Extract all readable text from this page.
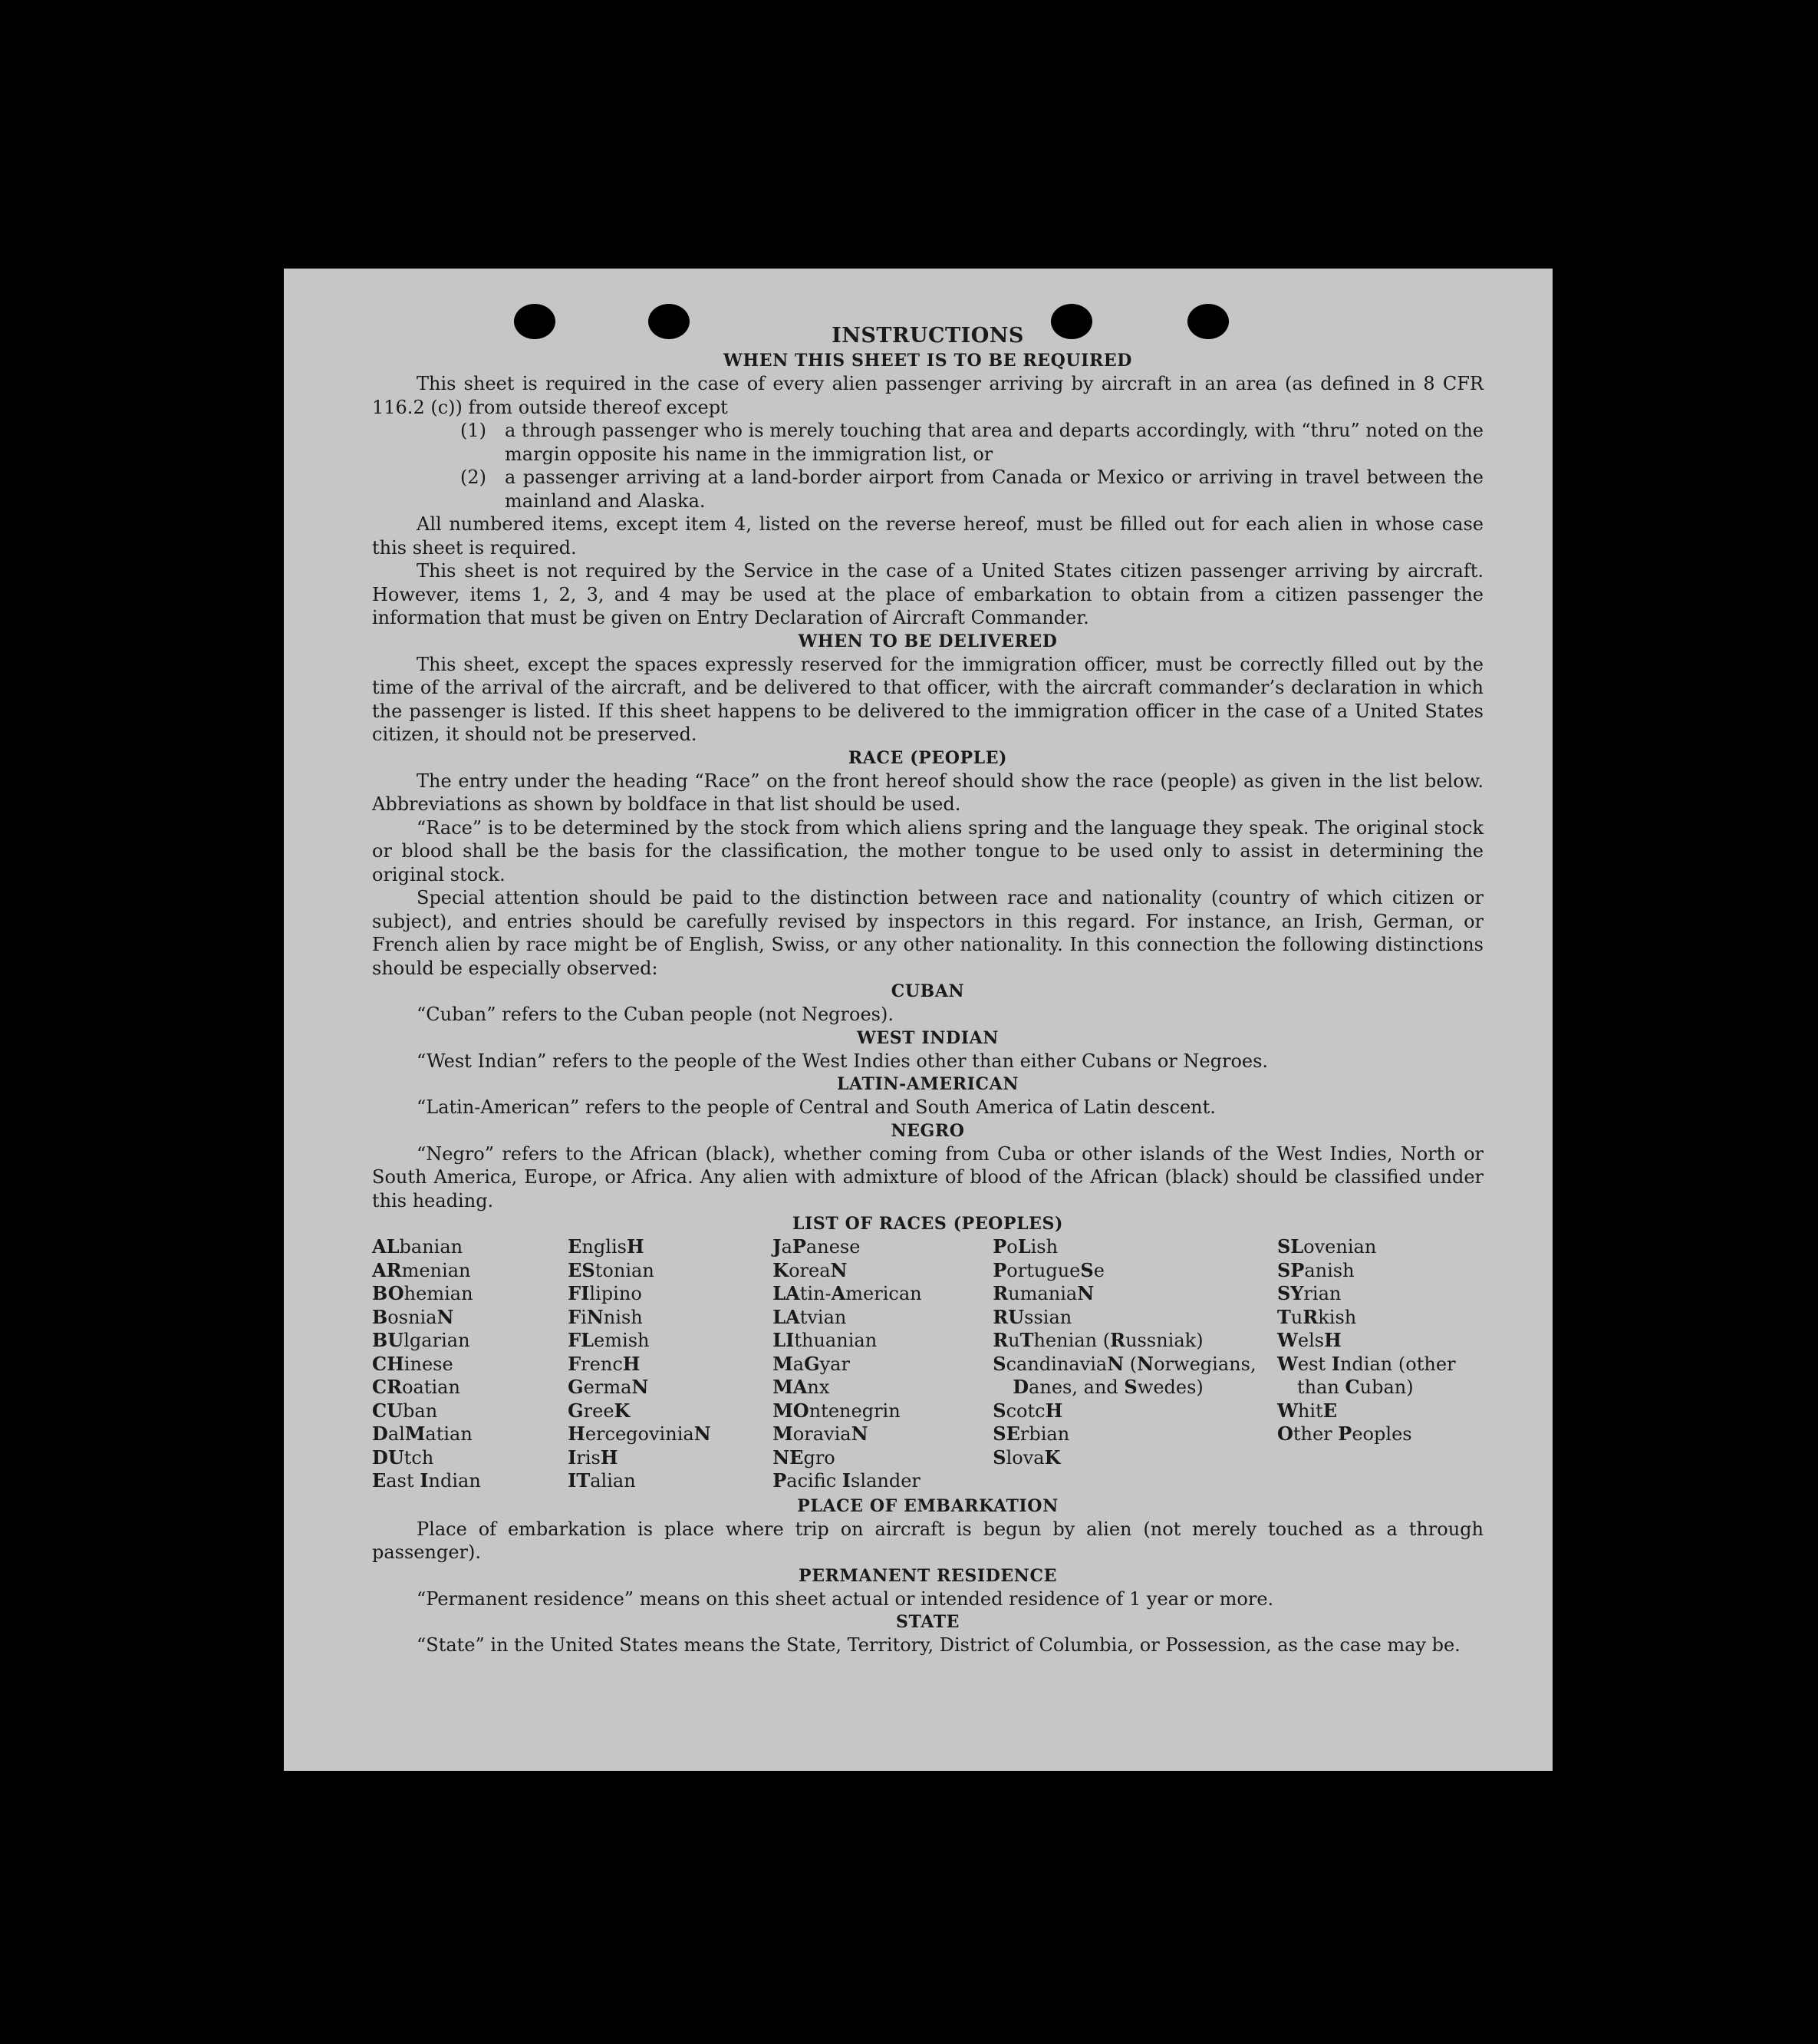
INSTRUCTIONS
WHEN THIS SHEET IS TO BE REQUIRED

This sheet is required in the case of every alien passenger arriving by aircraft in an area (as defined in 8 CFR 116.2 (c)) from outside thereof except

(1) a through passenger who is merely touching that area and departs accordingly, with “thru” noted on the margin opposite his name in the immigration list, or

(2) a passenger arriving at a land-border airport from Canada or Mexico or arriving in travel between the mainland and Alaska.

All numbered items, except item 4, listed on the reverse hereof, must be filled out for each alien in whose case this sheet is required.

This sheet is not required by the Service in the case of a United States citizen passenger arriving by aircraft. However, items 1, 2, 3, and 4 may be used at the place of embarkation to obtain from a citizen passenger the information that must be given on Entry Declaration of Aircraft Commander.

WHEN TO BE DELIVERED

This sheet, except the spaces expressly reserved for the immigration officer, must be correctly filled out by the time of the arrival of the aircraft, and be delivered to that officer, with the aircraft commander’s declaration in which the passenger is listed. If this sheet happens to be delivered to the immigration officer in the case of a United States citizen, it should not be preserved.

RACE (PEOPLE)

The entry under the heading “Race” on the front hereof should show the race (people) as given in the list below. Abbreviations as shown by boldface in that list should be used.

“Race” is to be determined by the stock from which aliens spring and the language they speak. The original stock or blood shall be the basis for the classification, the mother tongue to be used only to assist in determining the original stock.

Special attention should be paid to the distinction between race and nationality (country of which citizen or subject), and entries should be carefully revised by inspectors in this regard. For instance, an Irish, German, or French alien by race might be of English, Swiss, or any other nationality. In this connection the following distinctions should be especially observed:

CUBAN

“Cuban” refers to the Cuban people (not Negroes).

WEST INDIAN

“West Indian” refers to the people of the West Indies other than either Cubans or Negroes.

LATIN-AMERICAN

“Latin-American” refers to the people of Central and South America of Latin descent.

NEGRO

“Negro” refers to the African (black), whether coming from Cuba or other islands of the West Indies, North or South America, Europe, or Africa. Any alien with admixture of blood of the African (black) should be classified under this heading.

LIST OF RACES (PEOPLES)
ALbanian
ARmenian
BOhemian
BosniaN
BUlgarian
CHinese
CRoatian
CUban
DalMatian
DUtch
East Indian
EnglisH
EStonian
FIlipino
FiNnish
FLemish
FrencH
GermaN
GreeK
HercegoviniaN
IrisH
ITalian
JaPanese
KoreaN
LAtin-American
LAtvian
LIthuanian
MaGyar
MAnx
MOntenegrin
MoraviaN
NEgro
Pacifc Islander
PoLish
PortugueSe
RumaniaN
RUssian
RuThenian (Russniak)
ScandinaviaN (Norwegians, Danes, and Swedes)
ScotcH
SErbian
SlovaK
SLovenian
SPanish
SYrian
TuRkish
WelsH
West Indian (other than Cuban)
WhitE
Other Peoples
PLACE OF EMBARKATION

Place of embarkation is place where trip on aircraft is begun by alien (not merely touched as a through passenger).

PERMANENT RESIDENCE

“Permanent residence” means on this sheet actual or intended residence of 1 year or more.

STATE

“State” in the United States means the State, Territory, District of Columbia, or Possession, as the case may be.
